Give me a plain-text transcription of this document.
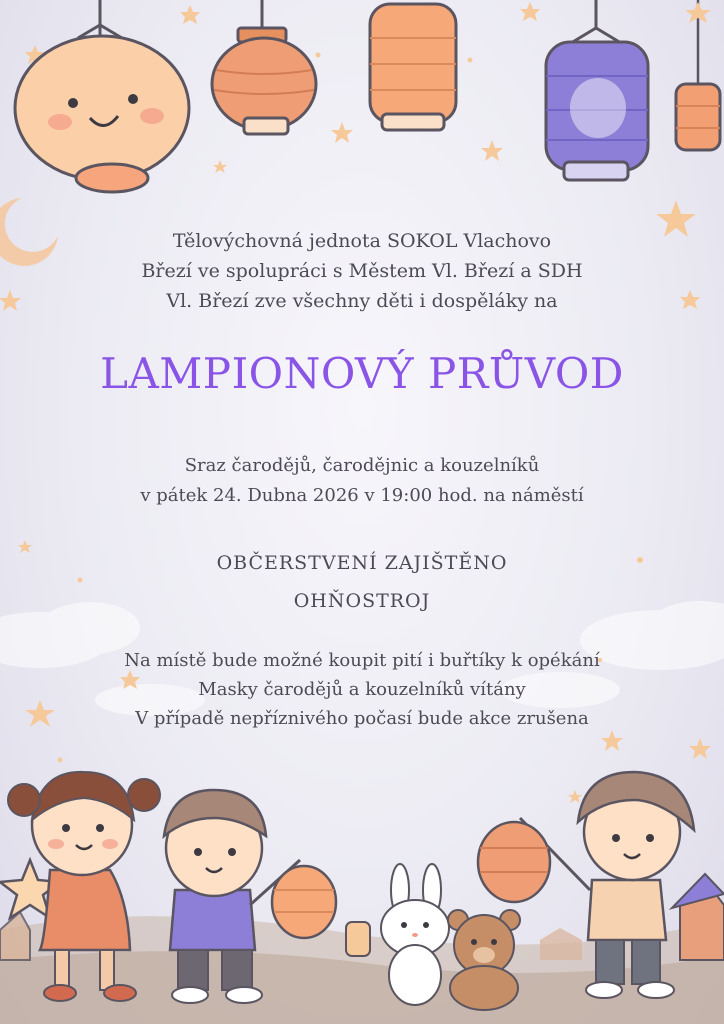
Tělovýchovná jednota SOKOL Vlachovo
Březí ve spolupráci s Městem Vl. Březí a SDH
Vl. Březí zve všechny děti i dospěláky na
LAMPIONOVÝ PRŮVOD
Sraz čarodějů, čarodějnic a kouzelníků
v pátek 24. Dubna 2026 v 19:00 hod. na náměstí
OBČERSTVENÍ ZAJIŠTĚNO
OHŇOSTROJ
Na místě bude možné koupit pití i buřtíky k opékání
Masky čarodějů a kouzelníků vítány
V případě nepříznivého počasí bude akce zrušena
